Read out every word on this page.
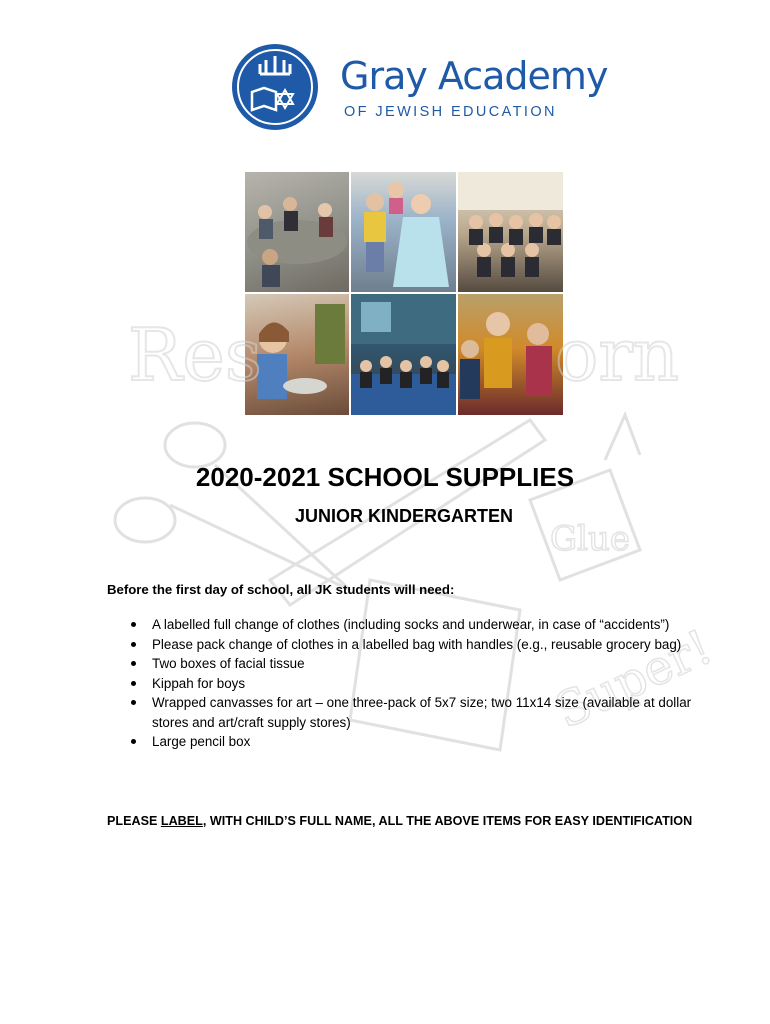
Gray Academy
OF JEWISH EDUCATION
Res	orn
Glue
Super!
2020-2021 SCHOOL SUPPLIES
JUNIOR KINDERGARTEN
Before the first day of school, all JK students will need:
A labelled full change of clothes (including socks and underwear, in case of “accidents”)
Please pack change of clothes in a labelled bag with handles (e.g., reusable grocery bag)
Two boxes of facial tissue
Kippah for boys
Wrapped canvasses for art – one three-pack of 5x7 size; two 11x14 size (available at dollar stores and art/craft supply stores)
Large pencil box
PLEASE LABEL, WITH CHILD’S FULL NAME, ALL THE ABOVE ITEMS FOR EASY IDENTIFICATION
